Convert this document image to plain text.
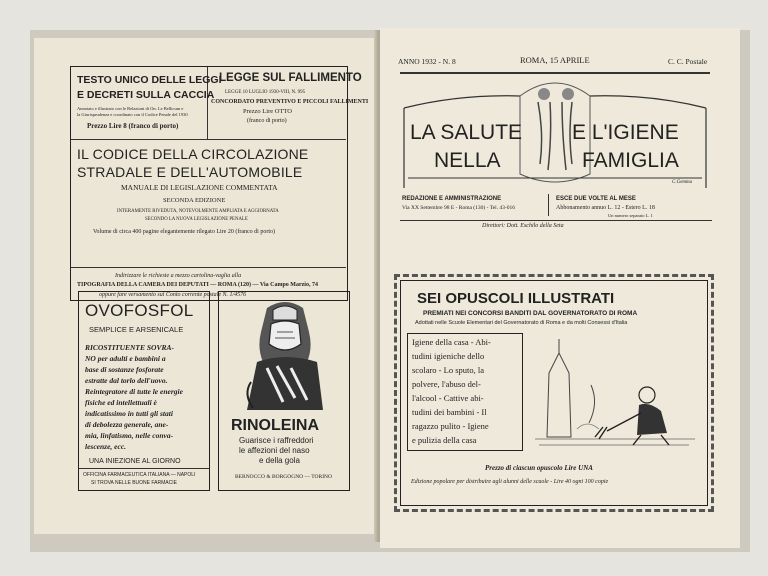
TESTO UNICO DELLE LEGGI
E DECRETI SULLA CACCIA
Annotato e illustrato con le Relazioni di On. Le Bellicum e
la Giurisprudenza e coordinato con il Codice Penale del 1930
Prezzo Lire 8 (franco di porto)
LEGGE SUL FALLIMENTO
LEGGE 10 LUGLIO 1930-VIII, N. 995
CONCORDATO PREVENTIVO E PICCOLI FALLIMENTI
Prezzo Lire OTTO
(franco di porto)
IL CODICE DELLA CIRCOLAZIONE
STRADALE E DELL'AUTOMOBILE
MANUALE DI LEGISLAZIONE COMMENTATA
SECONDA EDIZIONE
INTERAMENTE RIVEDUTA, NOTEVOLMENTE AMPLIATA E AGGIORNATA
SECONDO LA NUOVA LEGISLAZIONE PENALE
Volume di circa 400 pagine elegantemente rilegato Lire 20 (franco di porto)
Indirizzare le richieste a mezzo cartolina-vaglia alla
TIPOGRAFIA DELLA CAMERA DEI DEPUTATI — ROMA (120) — Via Campo Marzio, 74
oppure fare versamento sul Conto corrente postale N. 1/4576
OVOFOSFOL
SEMPLICE E ARSENICALE
RICOSTITUENTE SOVRA-
NO per adulti e bambini a
base di sostanze fosforate
estratte dal torlo dell'uovo.
Reintegratore di tutte le energie
fisiche ed intellettuali è
indicatissimo in tutti gli stati
di debolezza generale, ane-
mia, linfatismo, nelle conva-
lescenze, ecc.
UNA INIEZIONE AL GIORNO
OFFICINA FARMACEUTICA ITALIANA — NAPOLI
SI TROVA NELLE BUONE FARMACIE
RINOLEINA
Guarisce i raffreddori
le affezioni del naso
e della gola
BERNOCCO & BORGOGNO — TORINO
ANNO 1932 - N. 8	ROMA, 15 APRILE	C. C. Postale
LA SALUTE E L'IGIENE
NELLA	FAMIGLIA
C.Gemma
REDAZIONE E AMMINISTRAZIONE
Via XX Settembre 98 E - Roma (130) - Tel. 43-016
ESCE DUE VOLTE AL MESE
Abbonamento annuo L. 12 - Estero L. 18
Un numero separato L. 1
Direttori: Dott. Eschilo della Seta
SEI OPUSCOLI ILLUSTRATI
PREMIATI NEI CONCORSI BANDITI DAL GOVERNATORATO DI ROMA
Adottati nelle Scuole Elementari del Governatorato di Roma e da molti Consessi d'Italia
Igiene della casa - Abi-
tudini igieniche dello
scolaro - Lo sputo, la
polvere, l'abuso del-
l'alcool - Cattive abi-
tudini dei bambini - Il
ragazzo pulito - Igiene
e pulizia della casa
Prezzo di ciascun opuscolo Lire UNA
Edizione popolare per distribuire agli alunni delle scuole - Lire 40 ogni 100 copie
